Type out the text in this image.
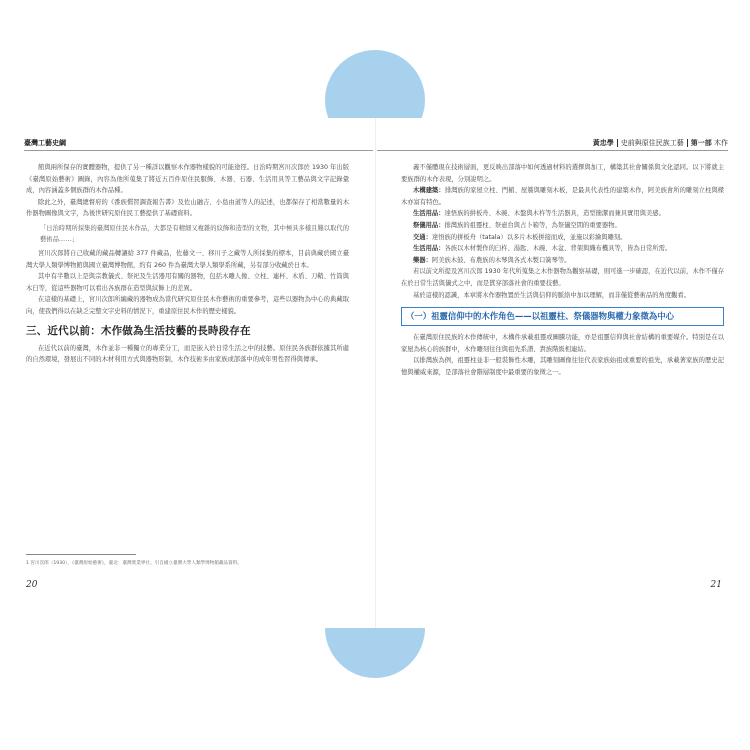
臺灣工藝史綱

館與兩所保存的實體器物，提供了另一種詳以觀察木作器物樣貌的可能途徑。日治時期宮川次郎於 1930 年出版《臺灣原始藝術》圖錄，內容為他所蒐集了將近五百件原住民服飾、木器、石器、生活用具等工藝品與文字記錄彙成，內容涵蓋多個族群的木作品種。

除此之外，臺灣總督府的《番族慣習調查報告書》及佐山融吉、小島由道等人的記述，也都保存了相當數量的木作器物圖像與文字，為後世研究原住民工藝提供了基礎資料。

「日治時期所採集的臺灣原住民木作品，大都是有精細又複雜的紋飾和造型的文物，其中極具多樣且難以取代的藝術品……」

宮川次郎將自己收藏的藏品轉讓給 377 件藏品，佐藤文一、移川子之藏等人所採集的標本，目前典藏於國立臺灣大學人類學博物館與國立臺灣博物館，約有 260 件為臺灣大學人類學系所藏，另有部分收藏於日本。

其中有半數以上是與宗教儀式、祭祀及生活器用有關的器物，包括木雕人像、立柱、連杯、木盾、刀鞘、竹筒與木臼等，從這些器物可以看出各族群在造型與紋飾上的差異。

在這樣的基礎上，宮川次郎所編藏的器物成為當代研究原住民木作藝術的重要參考，這些以器物為中心的典藏取向，使我們得以在缺乏完整文字史料的情況下，重建原住民木作的歷史樣貌。

三、近代以前：木作做為生活技藝的長時段存在

在近代以前的臺灣，木作並非一種獨立的專業分工，而是嵌入於日常生活之中的技藝。原住民各族群依據其所處的自然環境，發展出不同的木材利用方式與器物形制，木作技術多由家族或部落中的成年男性習得與傳承。

1 宮川次郎（1930），《臺灣原始藝術》，臺北：臺灣實業界社。引自國立臺灣大學人類學博物館藏品資料。
20
黃忠學 史前與原住民族工藝 第一部 木作

義不僅體現在技術層面，更反映出部落中如何透過材料的選擇與加工，構築其社會關係與文化認同。以下將就主要族群的木作表現，分別說明之。

木構建築：排灣族的家屋立柱、門楣、屋簷與雕刻木板，是最具代表性的建築木作，阿美族會所的雕刻立柱與樑木亦富有特色。

生活用品：達悟族的拼板舟、木碗、木盤與木杵等生活器具，造型簡潔而兼具實用與美感。

祭儀用品：排灣族的祖靈柱、祭壺台與占卜箱等，為祭儀空間的重要器物。

交通：達悟族的拼板舟（tatala）以多片木板拼接而成，並施以彩繪與雕刻。

生活用品：各族以木材製作的臼杵、湯匙、木碗、木盆、背架與織布機具等，皆為日常所需。

樂器：阿美族木鼓、布農族的木琴與各式木製口簧琴等。

若以前文所提及宮川次郎 1930 年代所蒐集之木作器物為觀察基礎，則可進一步確認，在近代以前，木作不僅存在於日常生活與儀式之中，而是貫穿部落社會的重要技藝。

基於這樣的認識，本章將木作器物置於生活與信仰的脈絡中加以理解，而非僅從藝術品的角度觀看。

（一）祖靈信仰中的木作角色——以祖靈柱、祭儀器物與權力象徵為中心

在臺灣原住民族的木作傳統中，木構件承載祖靈或圖騰功能，亦是祖靈信仰與社會結構的重要媒介。特別是在以家屋為核心的族群中，木作雕刻往往與祖先系譜、貴族階級相連結。

以排灣族為例，祖靈柱並非一般裝飾性木雕，其雕刻圖像往往代表家族始祖或重要的祖先，承載著家族的歷史記憶與權威來源，是部落社會階層制度中最重要的象徵之一。

21
